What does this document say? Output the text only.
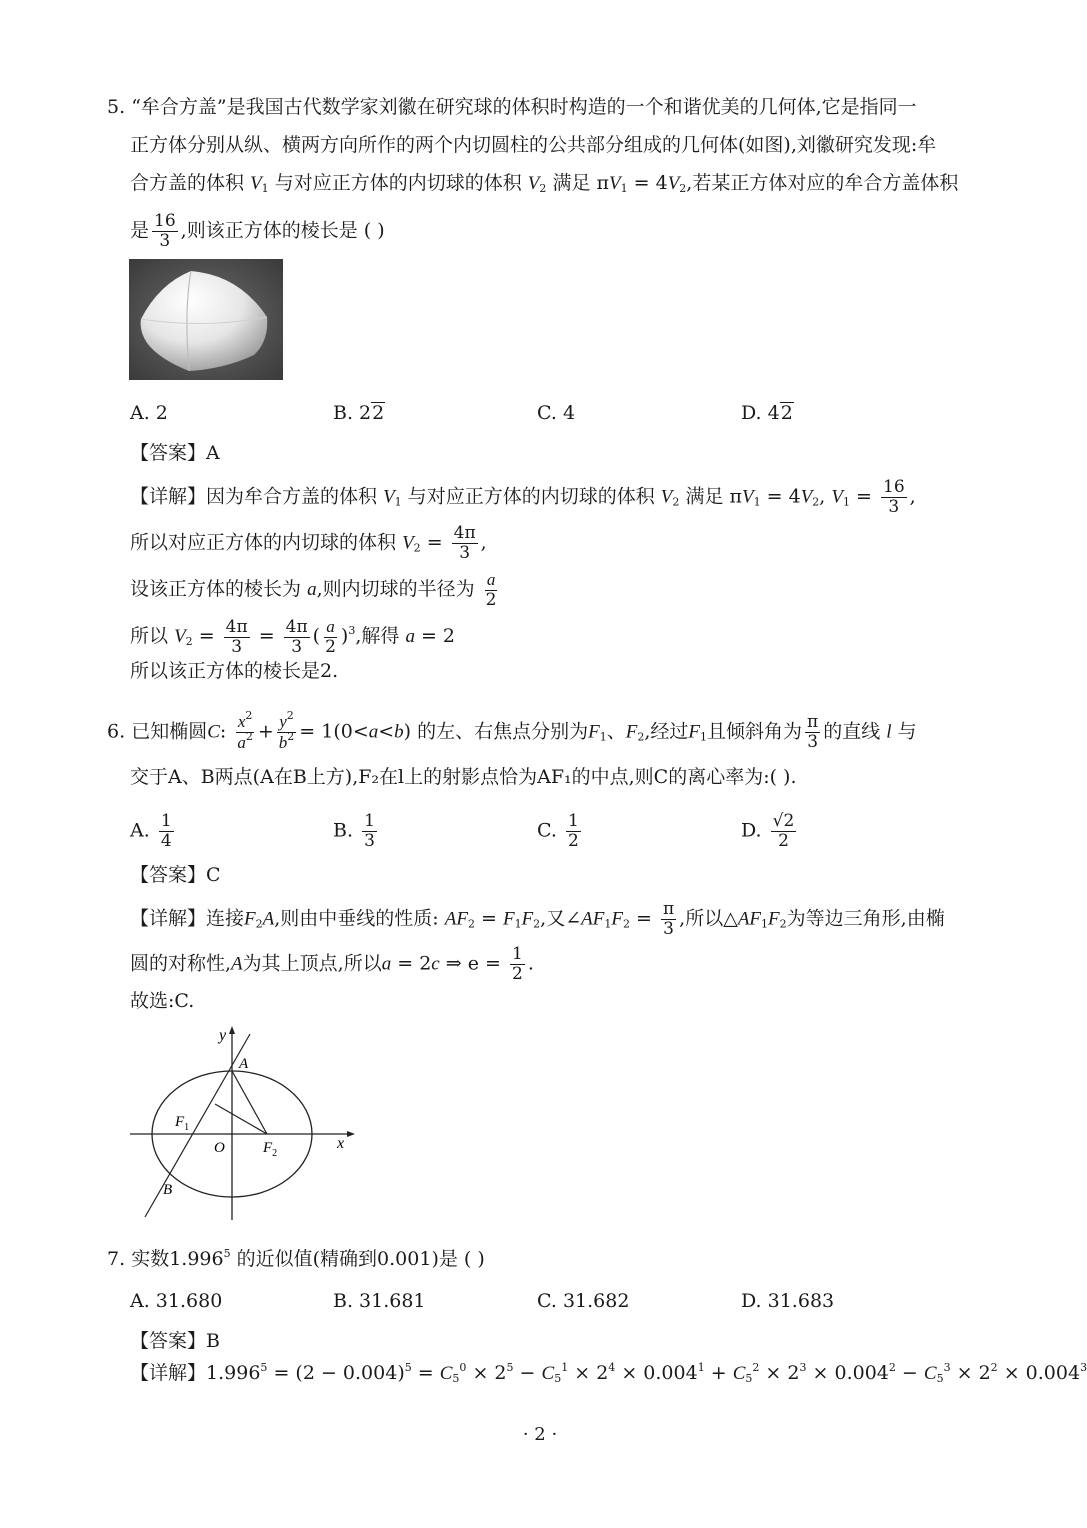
5. “牟合方盖”是我国古代数学家刘徽在研究球的体积时构造的一个和谐优美的几何体,它是指同一
正方体分别从纵、横两方向所作的两个内切圆柱的公共部分组成的几何体(如图),刘徽研究发现:牟
合方盖的体积 $V_1$ 与对应正方体的内切球的体积 $V_2$ 满足 $\pi V_1 = 4V_2$,若某正方体对应的牟合方盖体积
是 $\frac{16}{3}$ ,则该正方体的棱长是 ( )
A. 2	B. 22	C. 4	D. 42
【答案】A
【详解】因为牟合方盖的体积 $V_1$ 与对应正方体的内切球的体积 $V_2$ 满足 $\pi V_1 = 4V_2$, $V_1 = \frac{16}{3}$ ,
所以对应正方体的内切球的体积 $V_2 = \frac{4\pi}{3}$ ,
设该正方体的棱长为 a,则内切球的半径为 $\frac{a}{2}$
所以 $V_2 = \frac{4\pi}{3} = \frac{4\pi}{3}$ ( $\frac{a}{2} )^3$,解得 a = 2
所以该正方体的棱长是2.
6. 已知椭圆C: $\frac{x^2}{a^2} + \frac{y^2}{b^2} = 1(0<a<b)$ 的左、右焦点分别为$F_1$、$F_2$,经过$F_1$且倾斜角为 $\frac{\pi}{3}$ 的直线 l 与
交于A、B两点(A在B上方),F₂在l上的射影点恰为AF₁的中点,则C的离心率为:( ).
A. $\frac{1}{4}$	B. $\frac{1}{3}$	C. $\frac{1}{2}$	D. $\frac{√2}{2}$
【答案】C
【详解】连接$F_2A$,则由中垂线的性质: $AF_2 = F_1F_2$,又$\angle AF_1F_2 = \frac{\pi}{3}$ ,所以$\triangle AF_1F_2$为等边三角形,由椭
圆的对称性,A为其上顶点,所以a = 2c ⇒ $e = \frac{1}{2}$ .
故选:C.
y
x
A
B
O
$F_1$
$F_2$
7. 实数1.996$^5$ 的近似值(精确到0.001)是 ( )
A. 31.680	B. 31.681	C. 31.682	D. 31.683
【答案】B
【详解】$1.996^5 = (2 - 0.004)^5 = C_5^0 \times 2^5 - C_5^1 \times 2^4 \times 0.004^1 + C_5^2 \times 2^3 \times 0.004^2 - C_5^3 \times 2^2 \times 0.004^3$
· 2 ·
